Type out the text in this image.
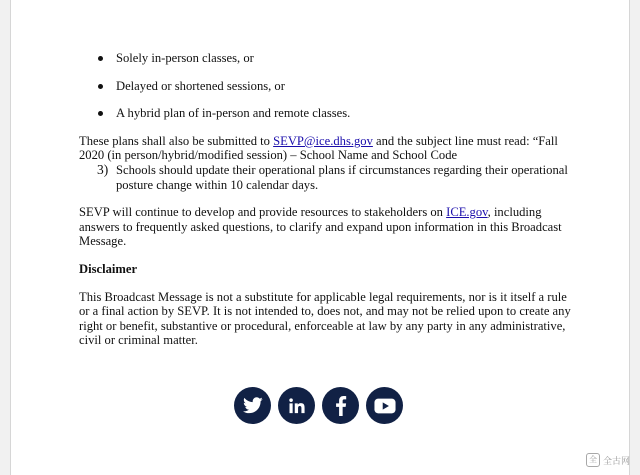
Solely in-person classes, or
Delayed or shortened sessions, or
A hybrid plan of in-person and remote classes.

These plans shall also be submitted to SEVP@ice.dhs.gov and the subject line must read: “Fall 2020 (in person/hybrid/modified session) – School Name and School Code

3) Schools should update their operational plans if circumstances regarding their operational posture change within 10 calendar days.

SEVP will continue to develop and provide resources to stakeholders on ICE.gov, including answers to frequently asked questions, to clarify and expand upon information in this Broadcast Message.

Disclaimer

This Broadcast Message is not a substitute for applicable legal requirements, nor is it itself a rule or a final action by SEVP. It is not intended to, does not, and may not be relied upon to create any right or benefit, substantive or procedural, enforceable at law by any party in any administrative, civil or criminal matter.

全 全古网
